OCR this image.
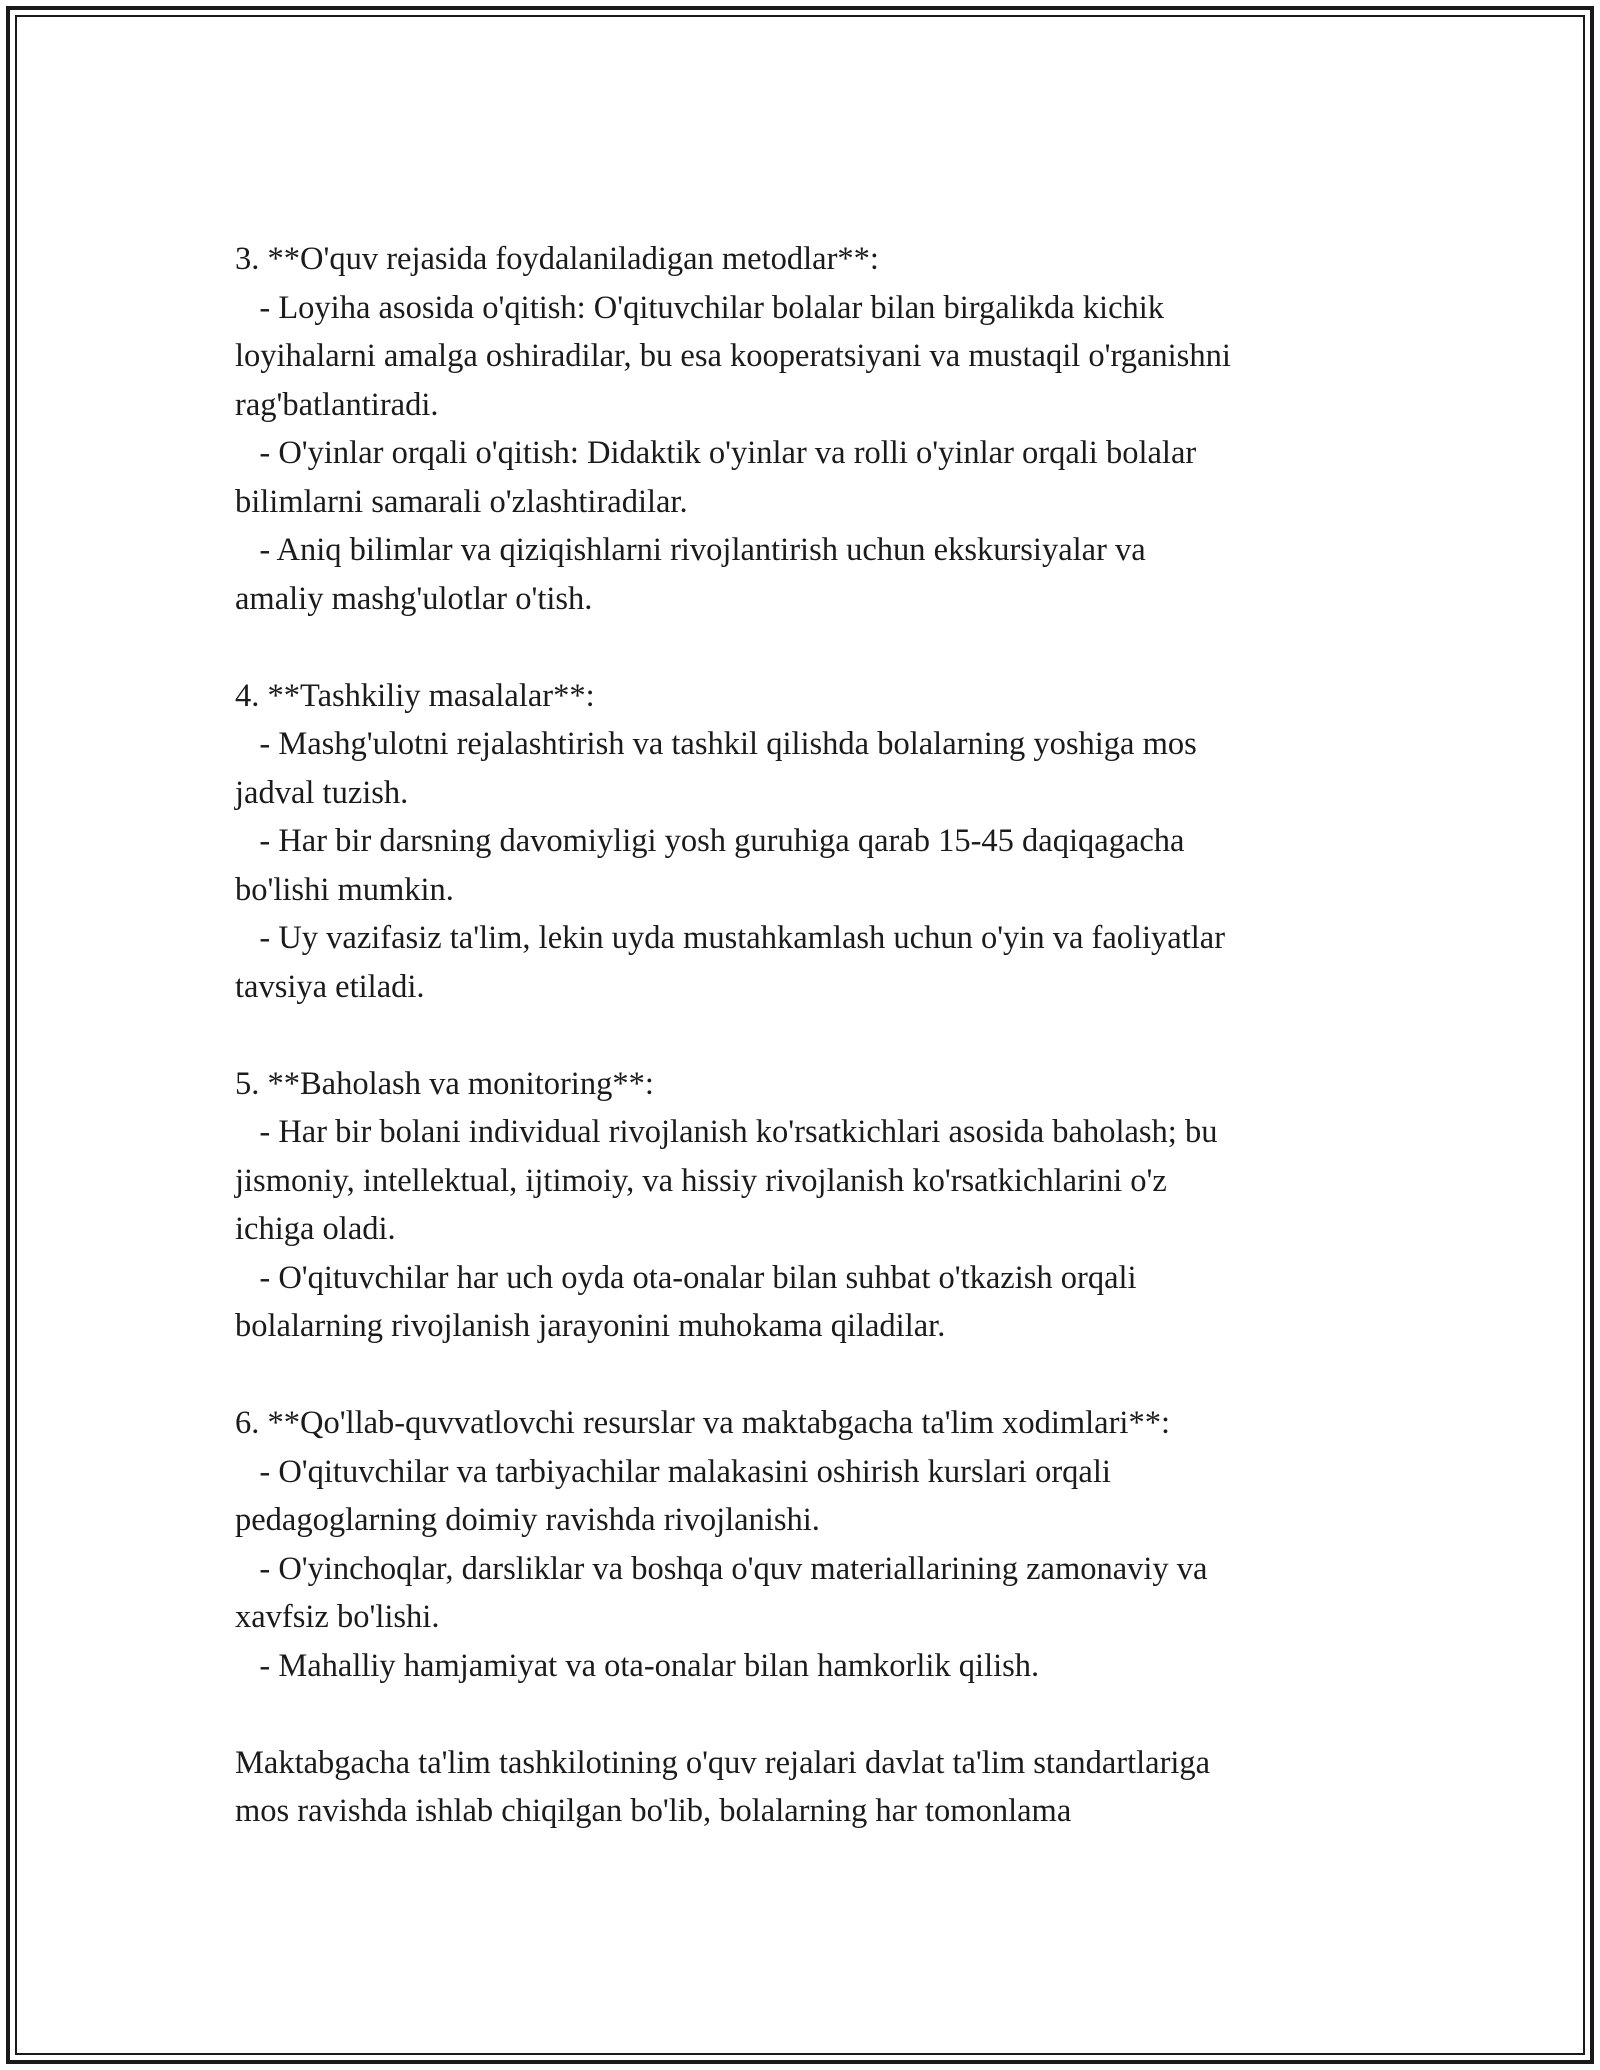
3. **O'quv rejasida foydalaniladigan metodlar**:
- Loyiha asosida o'qitish: O'qituvchilar bolalar bilan birgalikda kichik
loyihalarni amalga oshiradilar, bu esa kooperatsiyani va mustaqil o'rganishni
rag'batlantiradi.
- O'yinlar orqali o'qitish: Didaktik o'yinlar va rolli o'yinlar orqali bolalar
bilimlarni samarali o'zlashtiradilar.
- Aniq bilimlar va qiziqishlarni rivojlantirish uchun ekskursiyalar va
amaliy mashg'ulotlar o'tish.
4. **Tashkiliy masalalar**:
- Mashg'ulotni rejalashtirish va tashkil qilishda bolalarning yoshiga mos
jadval tuzish.
- Har bir darsning davomiyligi yosh guruhiga qarab 15-45 daqiqagacha
bo'lishi mumkin.
- Uy vazifasiz ta'lim, lekin uyda mustahkamlash uchun o'yin va faoliyatlar
tavsiya etiladi.
5. **Baholash va monitoring**:
- Har bir bolani individual rivojlanish ko'rsatkichlari asosida baholash; bu
jismoniy, intellektual, ijtimoiy, va hissiy rivojlanish ko'rsatkichlarini o'z
ichiga oladi.
- O'qituvchilar har uch oyda ota-onalar bilan suhbat o'tkazish orqali
bolalarning rivojlanish jarayonini muhokama qiladilar.
6. **Qo'llab-quvvatlovchi resurslar va maktabgacha ta'lim xodimlari**:
- O'qituvchilar va tarbiyachilar malakasini oshirish kurslari orqali
pedagoglarning doimiy ravishda rivojlanishi.
- O'yinchoqlar, darsliklar va boshqa o'quv materiallarining zamonaviy va
xavfsiz bo'lishi.
- Mahalliy hamjamiyat va ota-onalar bilan hamkorlik qilish.
Maktabgacha ta'lim tashkilotining o'quv rejalari davlat ta'lim standartlariga
mos ravishda ishlab chiqilgan bo'lib, bolalarning har tomonlama
